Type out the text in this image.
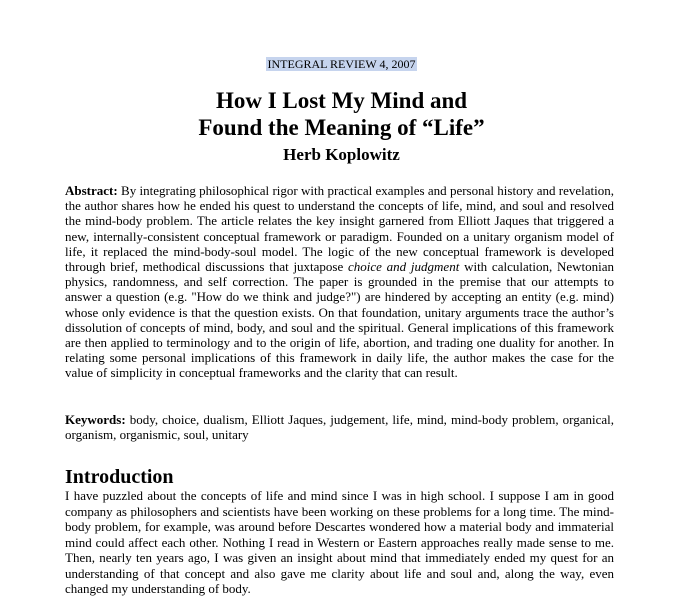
INTEGRAL REVIEW 4, 2007
How I Lost My Mind and
Found the Meaning of “Life”
Herb Koplowitz

Abstract: By integrating philosophical rigor with practical examples and personal history and revelation, the author shares how he ended his quest to understand the concepts of life, mind, and soul and resolved the mind-body problem. The article relates the key insight garnered from Elliott Jaques that triggered a new, internally-consistent conceptual framework or paradigm. Founded on a unitary organism model of life, it replaced the mind-body-soul model. The logic of the new conceptual framework is developed through brief, methodical discussions that juxtapose choice and judgment with calculation, Newtonian physics, randomness, and self correction. The paper is grounded in the premise that our attempts to answer a question (e.g. "How do we think and judge?") are hindered by accepting an entity (e.g. mind) whose only evidence is that the question exists. On that foundation, unitary arguments trace the author’s dissolution of concepts of mind, body, and soul and the spiritual. General implications of this framework are then applied to terminology and to the origin of life, abortion, and trading one duality for another. In relating some personal implications of this framework in daily life, the author makes the case for the value of simplicity in conceptual frameworks and the clarity that can result.

Keywords: body, choice, dualism, Elliott Jaques, judgement, life, mind, mind-body problem, organical, organism, organismic, soul, unitary

Introduction

I have puzzled about the concepts of life and mind since I was in high school. I suppose I am in good company as philosophers and scientists have been working on these problems for a long time. The mind-body problem, for example, was around before Descartes wondered how a material body and immaterial mind could affect each other. Nothing I read in Western or Eastern approaches really made sense to me. Then, nearly ten years ago, I was given an insight about mind that immediately ended my quest for an understanding of that concept and also gave me clarity about life and soul and, along the way, even changed my understanding of body.
